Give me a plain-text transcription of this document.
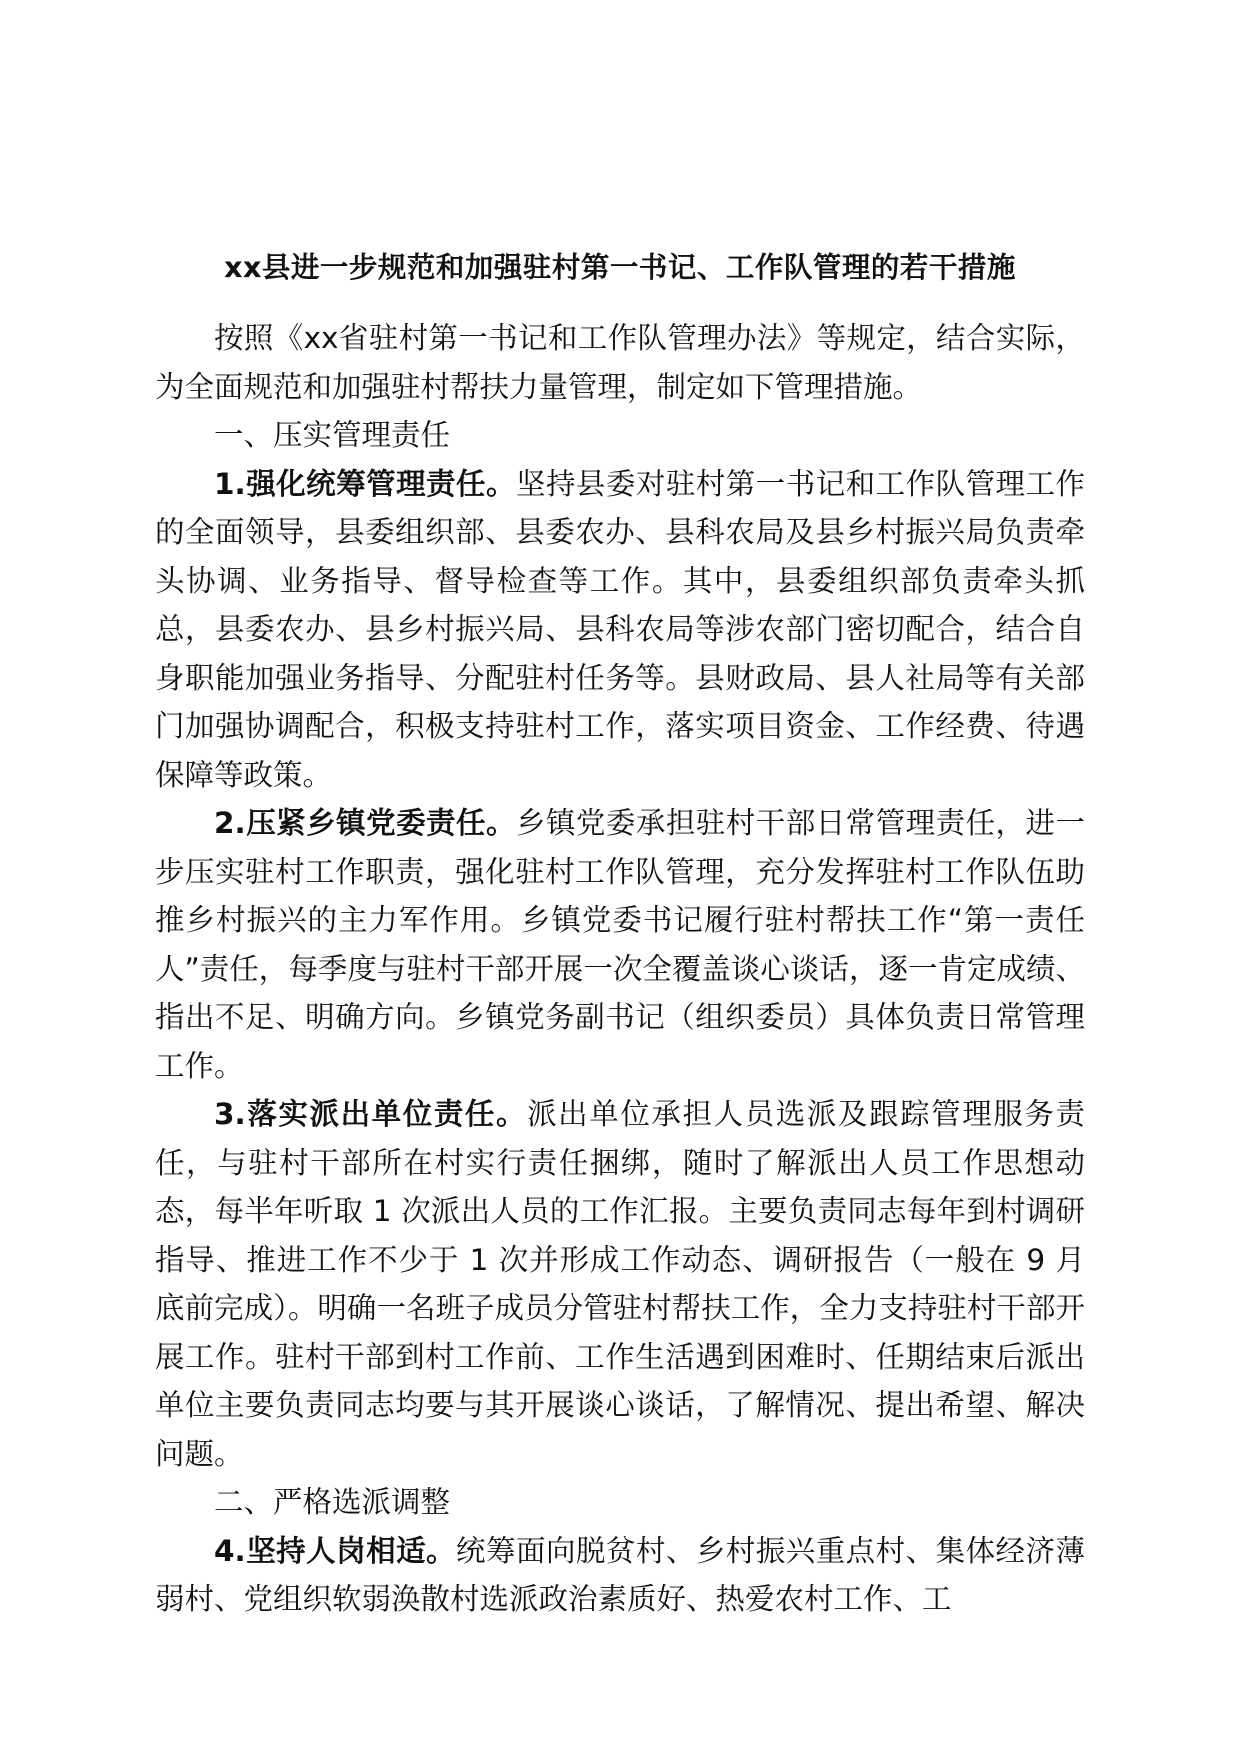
xx县进一步规范和加强驻村第一书记、工作队管理的若干措施

按照《xx省驻村第一书记和工作队管理办法》等规定，结合实际，为全面规范和加强驻村帮扶力量管理，制定如下管理措施。

一、压实管理责任

1.强化统筹管理责任。坚持县委对驻村第一书记和工作队管理工作的全面领导，县委组织部、县委农办、县科农局及县乡村振兴局负责牵头协调、业务指导、督导检查等工作。其中，县委组织部负责牵头抓总，县委农办、县乡村振兴局、县科农局等涉农部门密切配合，结合自身职能加强业务指导、分配驻村任务等。县财政局、县人社局等有关部门加强协调配合，积极支持驻村工作，落实项目资金、工作经费、待遇保障等政策。

2.压紧乡镇党委责任。乡镇党委承担驻村干部日常管理责任，进一步压实驻村工作职责，强化驻村工作队管理，充分发挥驻村工作队伍助推乡村振兴的主力军作用。乡镇党委书记履行驻村帮扶工作“第一责任人”责任，每季度与驻村干部开展一次全覆盖谈心谈话，逐一肯定成绩、指出不足、明确方向。乡镇党务副书记（组织委员）具体负责日常管理工作。

3.落实派出单位责任。派出单位承担人员选派及跟踪管理服务责任，与驻村干部所在村实行责任捆绑，随时了解派出人员工作思想动态，每半年听取 1 次派出人员的工作汇报。主要负责同志每年到村调研指导、推进工作不少于 1 次并形成工作动态、调研报告（一般在 9 月底前完成）。明确一名班子成员分管驻村帮扶工作，全力支持驻村干部开展工作。驻村干部到村工作前、工作生活遇到困难时、任期结束后派出单位主要负责同志均要与其开展谈心谈话，了解情况、提出希望、解决问题。

二、严格选派调整

4.坚持人岗相适。统筹面向脱贫村、乡村振兴重点村、集体经济薄弱村、党组织软弱涣散村选派政治素质好、热爱农村工作、工
